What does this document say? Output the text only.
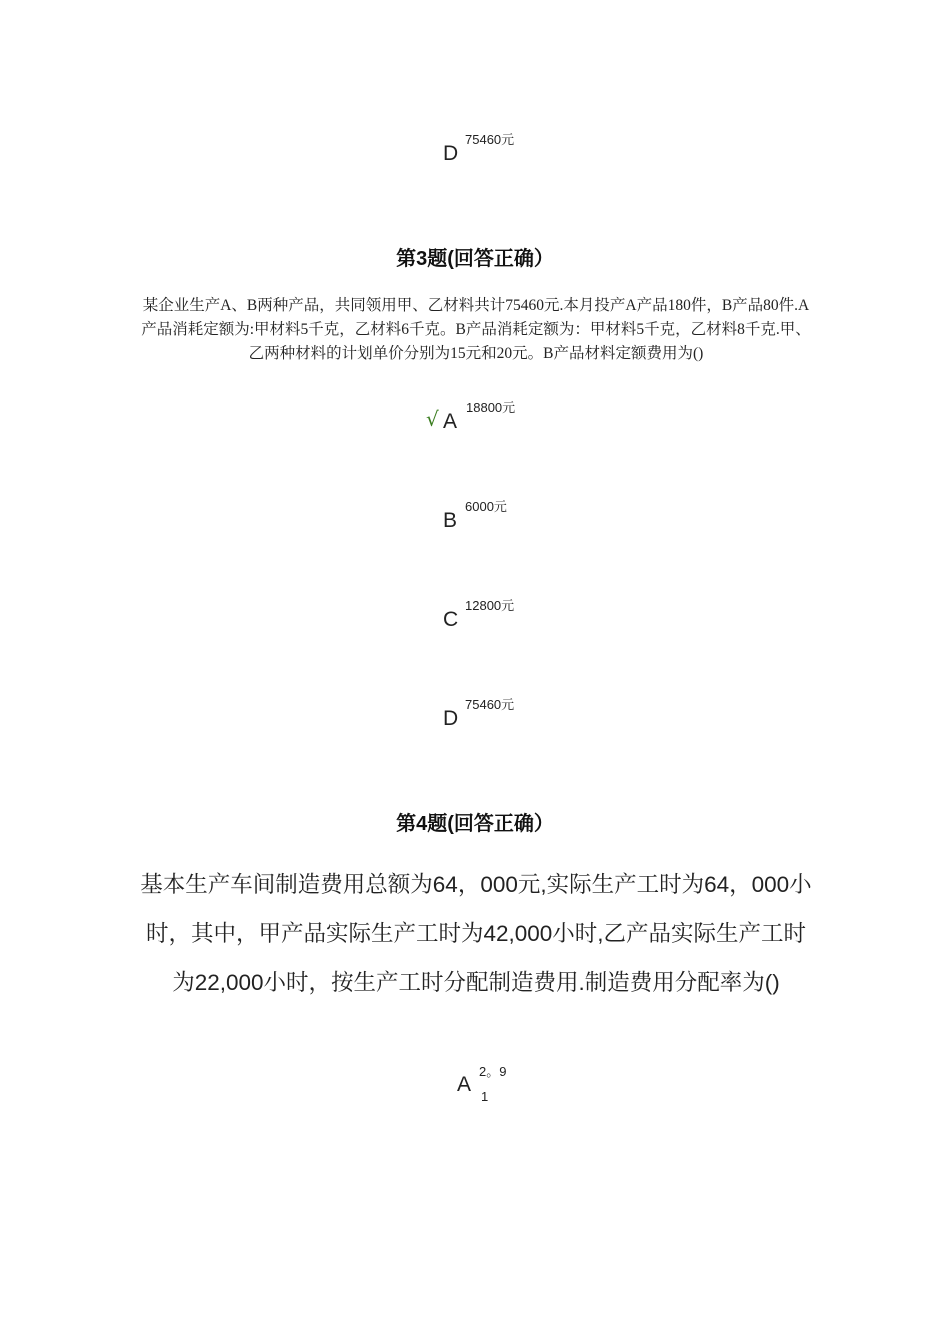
D
75460元
第3题(回答正确）
某企业生产A、B两种产品，共同领用甲、乙材料共计75460元.本月投产A产品180件，B产品80件.A产品消耗定额为:甲材料5千克，乙材料6千克。B产品消耗定额为：甲材料5千克，乙材料8千克.甲、乙两种材料的计划单价分别为15元和20元。B产品材料定额费用为()
√ A
18800元
B
6000元
C
12800元
D
75460元
第4题(回答正确）
基本生产车间制造费用总额为64，000元,实际生产工时为64，000小时，其中，甲产品实际生产工时为42,000小时,乙产品实际生产工时为22,000小时，按生产工时分配制造费用.制造费用分配率为()
A
2。9
1
